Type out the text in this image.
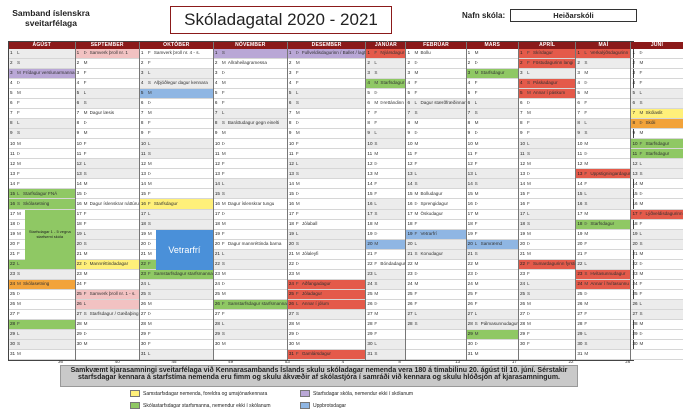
Samband íslenskra sveitarfélaga	Skóladagatal 2020 - 2021	Nafn skóla:	Heiðarskóli
ÁGÚST
1 L
2 S
3 M Frídagur verslunarmanna
4 Þ
5 M
6 F
7 F
8 L
9 S
10 M
11 Þ
12 M
13 F
14 F
15 L Starfsdagur FNÁ
16 S Skólasetning
17 M
18 Þ
19 M
20 F
21 F
22 L
23 S
24 M Skólasetning
25 Þ
26 M
27 F
28 F
29 L
30 S
31 M
Starfsdagar 1 - 5 vegna starfsemi skóla
SEPTEMBER
1 Þ Samverk þroll nr. 1
2 M
3 F
4 F
5 L
6 S
7 M Dagur læsis
8 Þ
9 M
10 F
11 F
12 L
13 S
14 M
15 Þ
16 M Dagur íslenskrar náttúru
17 F
18 F
19 L
20 S
21 M
22 Þ Mannréttindadagar
23 M
24 F
25 F Samverk þroll nr. 1 - s.
26 L
27 S Starfsdagur / Gæðaþing
28 M
29 Þ
30 M
OKTÓBER
1 F Samverk þroll nr. 4 - s.
2 F
3 L
4 S Alþjóðlegur dagur kennara
5 M
6 Þ
7 M
8 F
9 F
10 L
11 S
12 M
13 Þ
14 M
15 F
16 F Starfsdagur
17 L
18 S
19 M
20 Þ
21 M
22 F
23 F Samstarfsdagur starfsmanna
24 L
25 S
26 M
27 Þ
28 M
29 F
30 F
31 L
Vetrarfrí
NÓVEMBER
1 S
2 M Allraheilagramessa
3 Þ
4 M
5 F
6 F
7 L
8 S Baráttudagur gegn einelti
9 M
10 Þ
11 M
12 F
13 F
14 L
15 S
16 M Dagur íslenskrar tungu
17 Þ
18 M
19 F
20 F Dagur mannréttinda barna
21 L
22 S
23 M
24 Þ
25 M
26 F Samstarfsdagur starfsmanna
27 F
28 L
29 S
30 M
DESEMBER
1 Þ Fullveldisdagurinn / Ballet / lagt
2 M
3 F
4 F
5 L
6 S
7 M
8 Þ
9 M
10 F
11 F
12 L
13 S
14 M
15 Þ
16 M
17 F
18 F Jólaball
19 L
20 S
21 M Jólaleyfi
22 Þ
23 M
24 F Aðfangadagur
25 F Jóladagur
26 L Annar í jólum
27 S
28 M
29 Þ
30 M
31 F Gamlársdagur
JANÚAR
1 F Nýársdagur
2 L
3 S
4 M Starfsdagur
5 Þ
6 M Þrettándinn
7 F
8 F
9 L
10 S
11 M
12 Þ
13 M
14 F
15 F
16 L
17 S
18 M
19 Þ
20 M
21 F
22 F Bóndadagur
23 L
24 S
25 M
26 Þ
27 M
28 F
29 F
30 L
31 S
FEBRÚAR
1 M Bollu
2 Þ
3 M
4 F
5 F
6 L Dagur stærðfræðinnar
7 S
8 M
9 Þ
10 M
11 F
12 F
13 L
14 S
15 M Bolludagur
16 Þ Sprengidagur
17 M Öskudagur
18 F
19 F Vetrarfrí
20 L
21 S Konudagur
22 M
23 Þ
24 M
25 F
26 F
27 L
28 S
MARS
1 M
2 Þ
3 M Starfsdagur
4 F
5 F
6 L
7 S
8 M
9 Þ
10 M
11 F
12 F
13 L
14 S
15 M
16 Þ
17 M
18 F
19 F
20 L Samræmd
21 S
22 M
23 Þ
24 M
25 F
26 F
27 L
28 S Pálmasunnudagur
29 M
30 Þ
31 M
APRÍL
1 F Skírdagur
2 F Föstudagurinn langi
3 L
4 S Páskadagur
5 M Annar í páskum
6 Þ
7 M
8 F
9 F
10 L
11 S
12 M
13 Þ
14 M
15 F
16 F
17 L
18 S
19 M
20 Þ
21 M
22 F Sumardagurinn fyrsti
23 F
24 L
25 S
26 M
27 Þ
28 M
29 F
30 F
MAÍ
1 L Verkalýðsdagurinn
2 S
3 M
4 Þ
5 M
6 F
7 F
8 L
9 S
10 M
11 Þ
12 M
13 F Uppstigningardagur
14 F
15 L
16 S
17 M
18 Þ Starfsdagur
19 M
20 F
21 F
22 L
23 S Hvítasunnudagur
24 M Annar í hvítasunnu
25 Þ
26 M
27 F
28 F
29 L
30 S
31 M
JÚNÍ
1 Þ
2 M
3 F
4 F
5 L
6 S
7 M Skólaslit
8 Þ Skóli
9 M
10 F Starfsdagur
11 F Starfsdagur
12 L
13 S
14 M
15 Þ
16 M
17 F Lýðveldisdagurinn
18 F
19 L
20 S
21 M
22 Þ
23 M
24 F
25 F
26 L
27 S
28 M
29 Þ
30 M
36	40	45	49	53	4	8	13	17	22	26
Samkvæmt kjarasamningi sveitarfélaga við Kennarasambands Íslands skulu skóladagar nemenda vera 180 á tímabilinu 20. ágúst til 10. júní. Sérstakir starfsdagar kennara á starfstíma nemenda eru fimm og skulu ákvæðir af skólastjóra í samráði við kennara og skulu hlóðsjón af kjarasamningum.
Samstarfsdagar nemenda, foreldra og umsjónarkennara
Skólastarfsdagar starfsmanna, nemendur ekki í skólanum
Starfsdagar skóla, nemendur ekki í skólanum
Uppbrotsdagar
